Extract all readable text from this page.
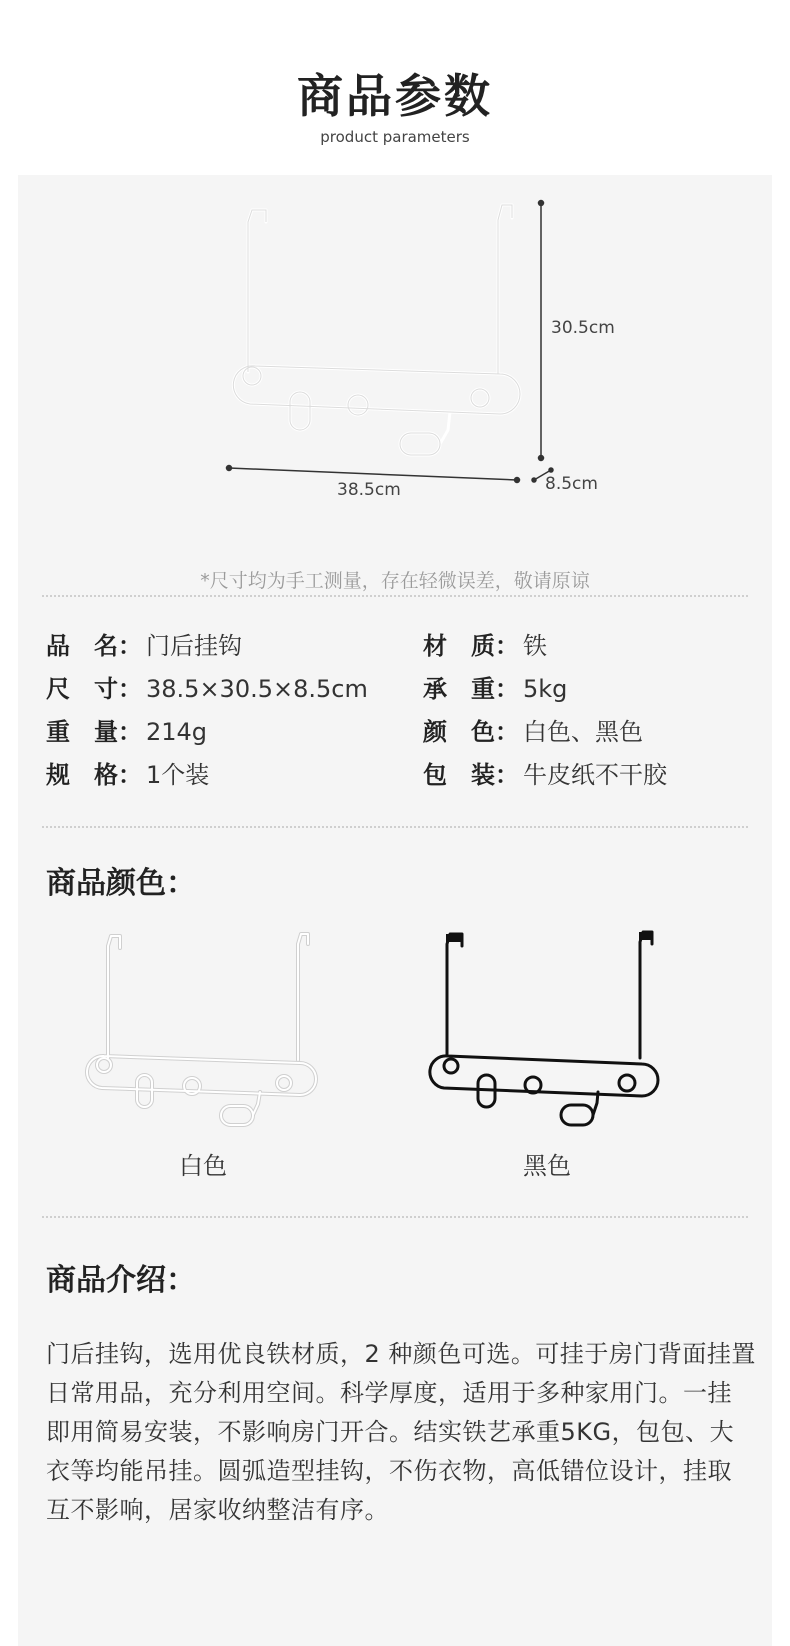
商品参数
product parameters
30.5cm
38.5cm	8.5cm
*尺寸均为手工测量，存在轻微误差，敬请原谅
品　名： 门后挂钩	材　质： 铁
尺　寸： 38.5×30.5×8.5cm 承　重： 5kg
重　量： 214g	颜　色： 白色、黑色
规　格： 1个装	包　装： 牛皮纸不干胶
商品颜色：
白色	黑色
商品介绍：
门后挂钩，选用优良铁材质，2 种颜色可选。可挂于房门背面挂置日常用品，充分利用空间。科学厚度，适用于多种家用门。一挂即用简易安装，不影响房门开合。结实铁艺承重5KG，包包、大衣等均能吊挂。圆弧造型挂钩，不伤衣物，高低错位设计，挂取互不影响，居家收纳整洁有序。
